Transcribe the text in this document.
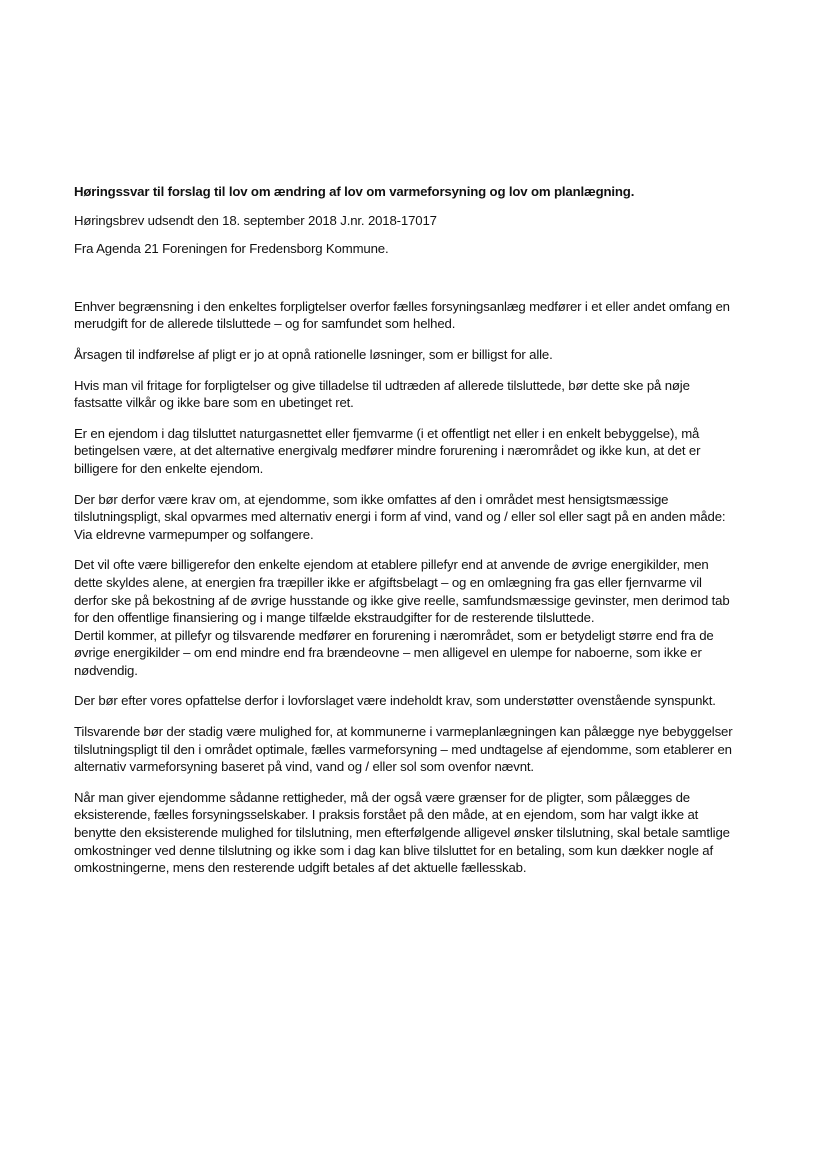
Høringssvar til forslag til lov om ændring af lov om varmeforsyning og lov om planlægning.

Høringsbrev udsendt den 18. september 2018 J.nr. 2018-17017

Fra Agenda 21 Foreningen for Fredensborg Kommune.

Enhver begrænsning i den enkeltes forpligtelser overfor fælles forsyningsanlæg medfører i et eller andet omfang en merudgift for de allerede tilsluttede – og for samfundet som helhed.

Årsagen til indførelse af pligt er jo at opnå rationelle løsninger, som er billigst for alle.

Hvis man vil fritage for forpligtelser og give tilladelse til udtræden af allerede tilsluttede, bør dette ske på nøje fastsatte vilkår og ikke bare som en ubetinget ret.

Er en ejendom i dag tilsluttet naturgasnettet eller fjemvarme (i et offentligt net eller i en enkelt bebyggelse), må betingelsen være, at det alternative energivalg medfører mindre forurening i nærområdet og ikke kun, at det er billigere for den enkelte ejendom.

Der bør derfor være krav om, at ejendomme, som ikke omfattes af den i området mest hensigtsmæssige tilslutningspligt, skal opvarmes med alternativ energi i form af vind, vand og / eller sol eller sagt på en anden måde: Via eldrevne varmepumper og solfangere.

Det vil ofte være billigerefor den enkelte ejendom at etablere pillefyr end at anvende de øvrige energikilder, men dette skyldes alene, at energien fra træpiller ikke er afgiftsbelagt – og en omlægning fra gas eller fjernvarme vil derfor ske på bekostning af de øvrige husstande og ikke give reelle, samfundsmæssige gevinster, men derimod tab for den offentlige finansiering og i mange tilfælde ekstraudgifter for de resterende tilsluttede.

Dertil kommer, at pillefyr og tilsvarende medfører en forurening i nærområdet, som er betydeligt større end fra de øvrige energikilder – om end mindre end fra brændeovne – men alligevel en ulempe for naboerne, som ikke er nødvendig.

Der bør efter vores opfattelse derfor i lovforslaget være indeholdt krav, som understøtter ovenstående synspunkt.

Tilsvarende bør der stadig være mulighed for, at kommunerne i varmeplanlægningen kan pålægge nye bebyggelser tilslutningspligt til den i området optimale, fælles varmeforsyning – med undtagelse af ejendomme, som etablerer en alternativ varmeforsyning baseret på vind, vand og / eller sol som ovenfor nævnt.

Når man giver ejendomme sådanne rettigheder, må der også være grænser for de pligter, som pålægges de eksisterende, fælles forsyningsselskaber. I praksis forstået på den måde, at en ejendom, som har valgt ikke at benytte den eksisterende mulighed for tilslutning, men efterfølgende alligevel ønsker tilslutning, skal betale samtlige omkostninger ved denne tilslutning og ikke som i dag kan blive tilsluttet for en betaling, som kun dækker nogle af omkostningerne, mens den resterende udgift betales af det aktuelle fællesskab.
